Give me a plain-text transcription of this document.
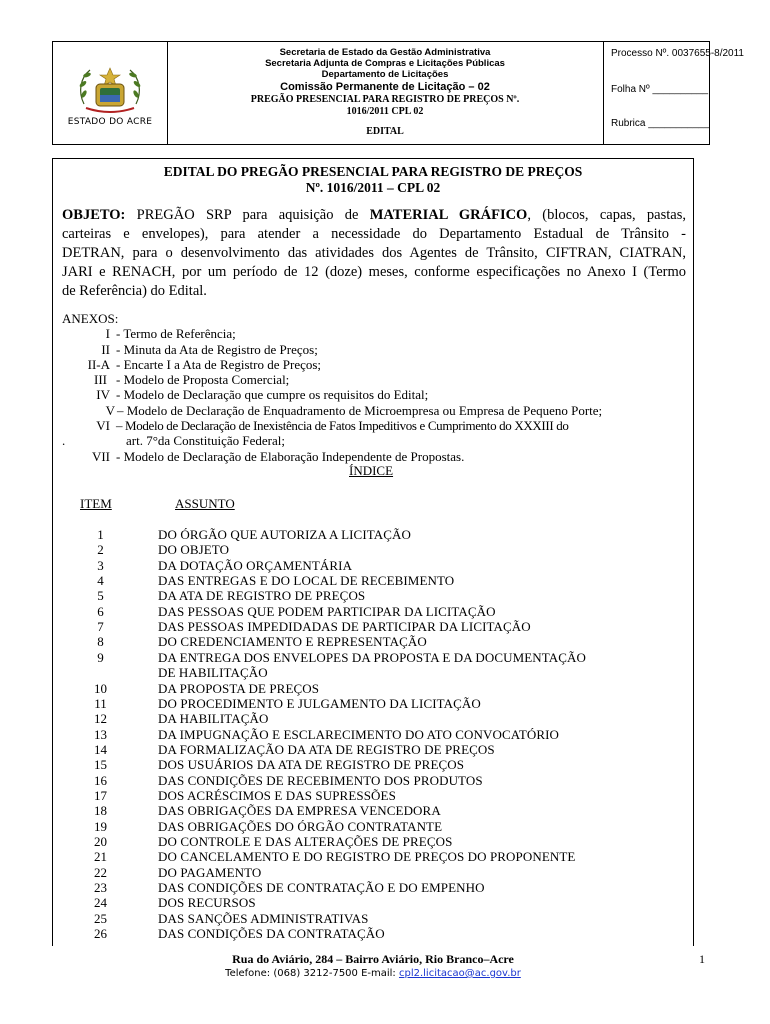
ESTADO DO ACRE
Secretaria de Estado da Gestão Administrativa
Secretaria Adjunta de Compras e Licitações Públicas
Departamento de Licitações
Comissão Permanente de Licitação – 02
PREGÃO PRESENCIAL PARA REGISTRO DE PREÇOS Nº.
1016/2011 CPL 02
EDITAL
Processo Nº. 0037655-8/2011
Folha Nº __________
Rubrica ___________
EDITAL DO PREGÃO PRESENCIAL PARA REGISTRO DE PREÇOS
Nº. 1016/2011 – CPL 02
OBJETO: PREGÃO SRP para aquisição de MATERIAL GRÁFICO, (blocos, capas, pastas,
carteiras e envelopes), para atender a necessidade do Departamento Estadual de Trânsito -
DETRAN, para o desenvolvimento das atividades dos Agentes de Trânsito, CIFTRAN, CIATRAN,
JARI e RENACH, por um período de 12 (doze) meses, conforme especificações no Anexo I (Termo
de Referência) do Edital.
ANEXOS:
I - Termo de Referência;
II - Minuta da Ata de Registro de Preços;
II-A - Encarte I a Ata de Registro de Preços;
III - Modelo de Proposta Comercial;
IV - Modelo de Declaração que cumpre os requisitos do Edital;
V – Modelo de Declaração de Enquadramento de Microempresa ou Empresa de Pequeno Porte;
VI – Modelo de Declaração de Inexistência de Fatos Impeditivos e Cumprimento do XXXIII do
.	art. 7°da Constituição Federal;
VII - Modelo de Declaração de Elaboração Independente de Propostas.
ÍNDICE
ITEM	ASSUNTO
1	DO ÓRGÃO QUE AUTORIZA A LICITAÇÃO
2	DO OBJETO
3	DA DOTAÇÃO ORÇAMENTÁRIA
4	DAS ENTREGAS E DO LOCAL DE RECEBIMENTO
5	DA ATA DE REGISTRO DE PREÇOS
6	DAS PESSOAS QUE PODEM PARTICIPAR DA LICITAÇÃO
7	DAS PESSOAS IMPEDIDADAS DE PARTICIPAR DA LICITAÇÃO
8	DO CREDENCIAMENTO E REPRESENTAÇÃO
9	DA ENTREGA DOS ENVELOPES DA PROPOSTA E DA DOCUMENTAÇÃO
DE HABILITAÇÃO
10	DA PROPOSTA DE PREÇOS
11	DO PROCEDIMENTO E JULGAMENTO DA LICITAÇÃO
12	DA HABILITAÇÃO
13	DA IMPUGNAÇÃO E ESCLARECIMENTO DO ATO CONVOCATÓRIO
14	DA FORMALIZAÇÃO DA ATA DE REGISTRO DE PREÇOS
15	DOS USUÁRIOS DA ATA DE REGISTRO DE PREÇOS
16	DAS CONDIÇÕES DE RECEBIMENTO DOS PRODUTOS
17	DOS ACRÉSCIMOS E DAS SUPRESSÕES
18	DAS OBRIGAÇÕES DA EMPRESA VENCEDORA
19	DAS OBRIGAÇÕES DO ÓRGÃO CONTRATANTE
20	DO CONTROLE E DAS ALTERAÇÕES DE PREÇOS
21	DO CANCELAMENTO E DO REGISTRO DE PREÇOS DO PROPONENTE
22	DO PAGAMENTO
23	DAS CONDIÇÕES DE CONTRATAÇÃO E DO EMPENHO
24	DOS RECURSOS
25	DAS SANÇÕES ADMINISTRATIVAS
26	DAS CONDIÇÕES DA CONTRATAÇÃO
Rua do Aviário, 284 – Bairro Aviário, Rio Branco–Acre
Telefone: (068) 3212-7500 E-mail: cpl2.licitacao@ac.gov.br
1
